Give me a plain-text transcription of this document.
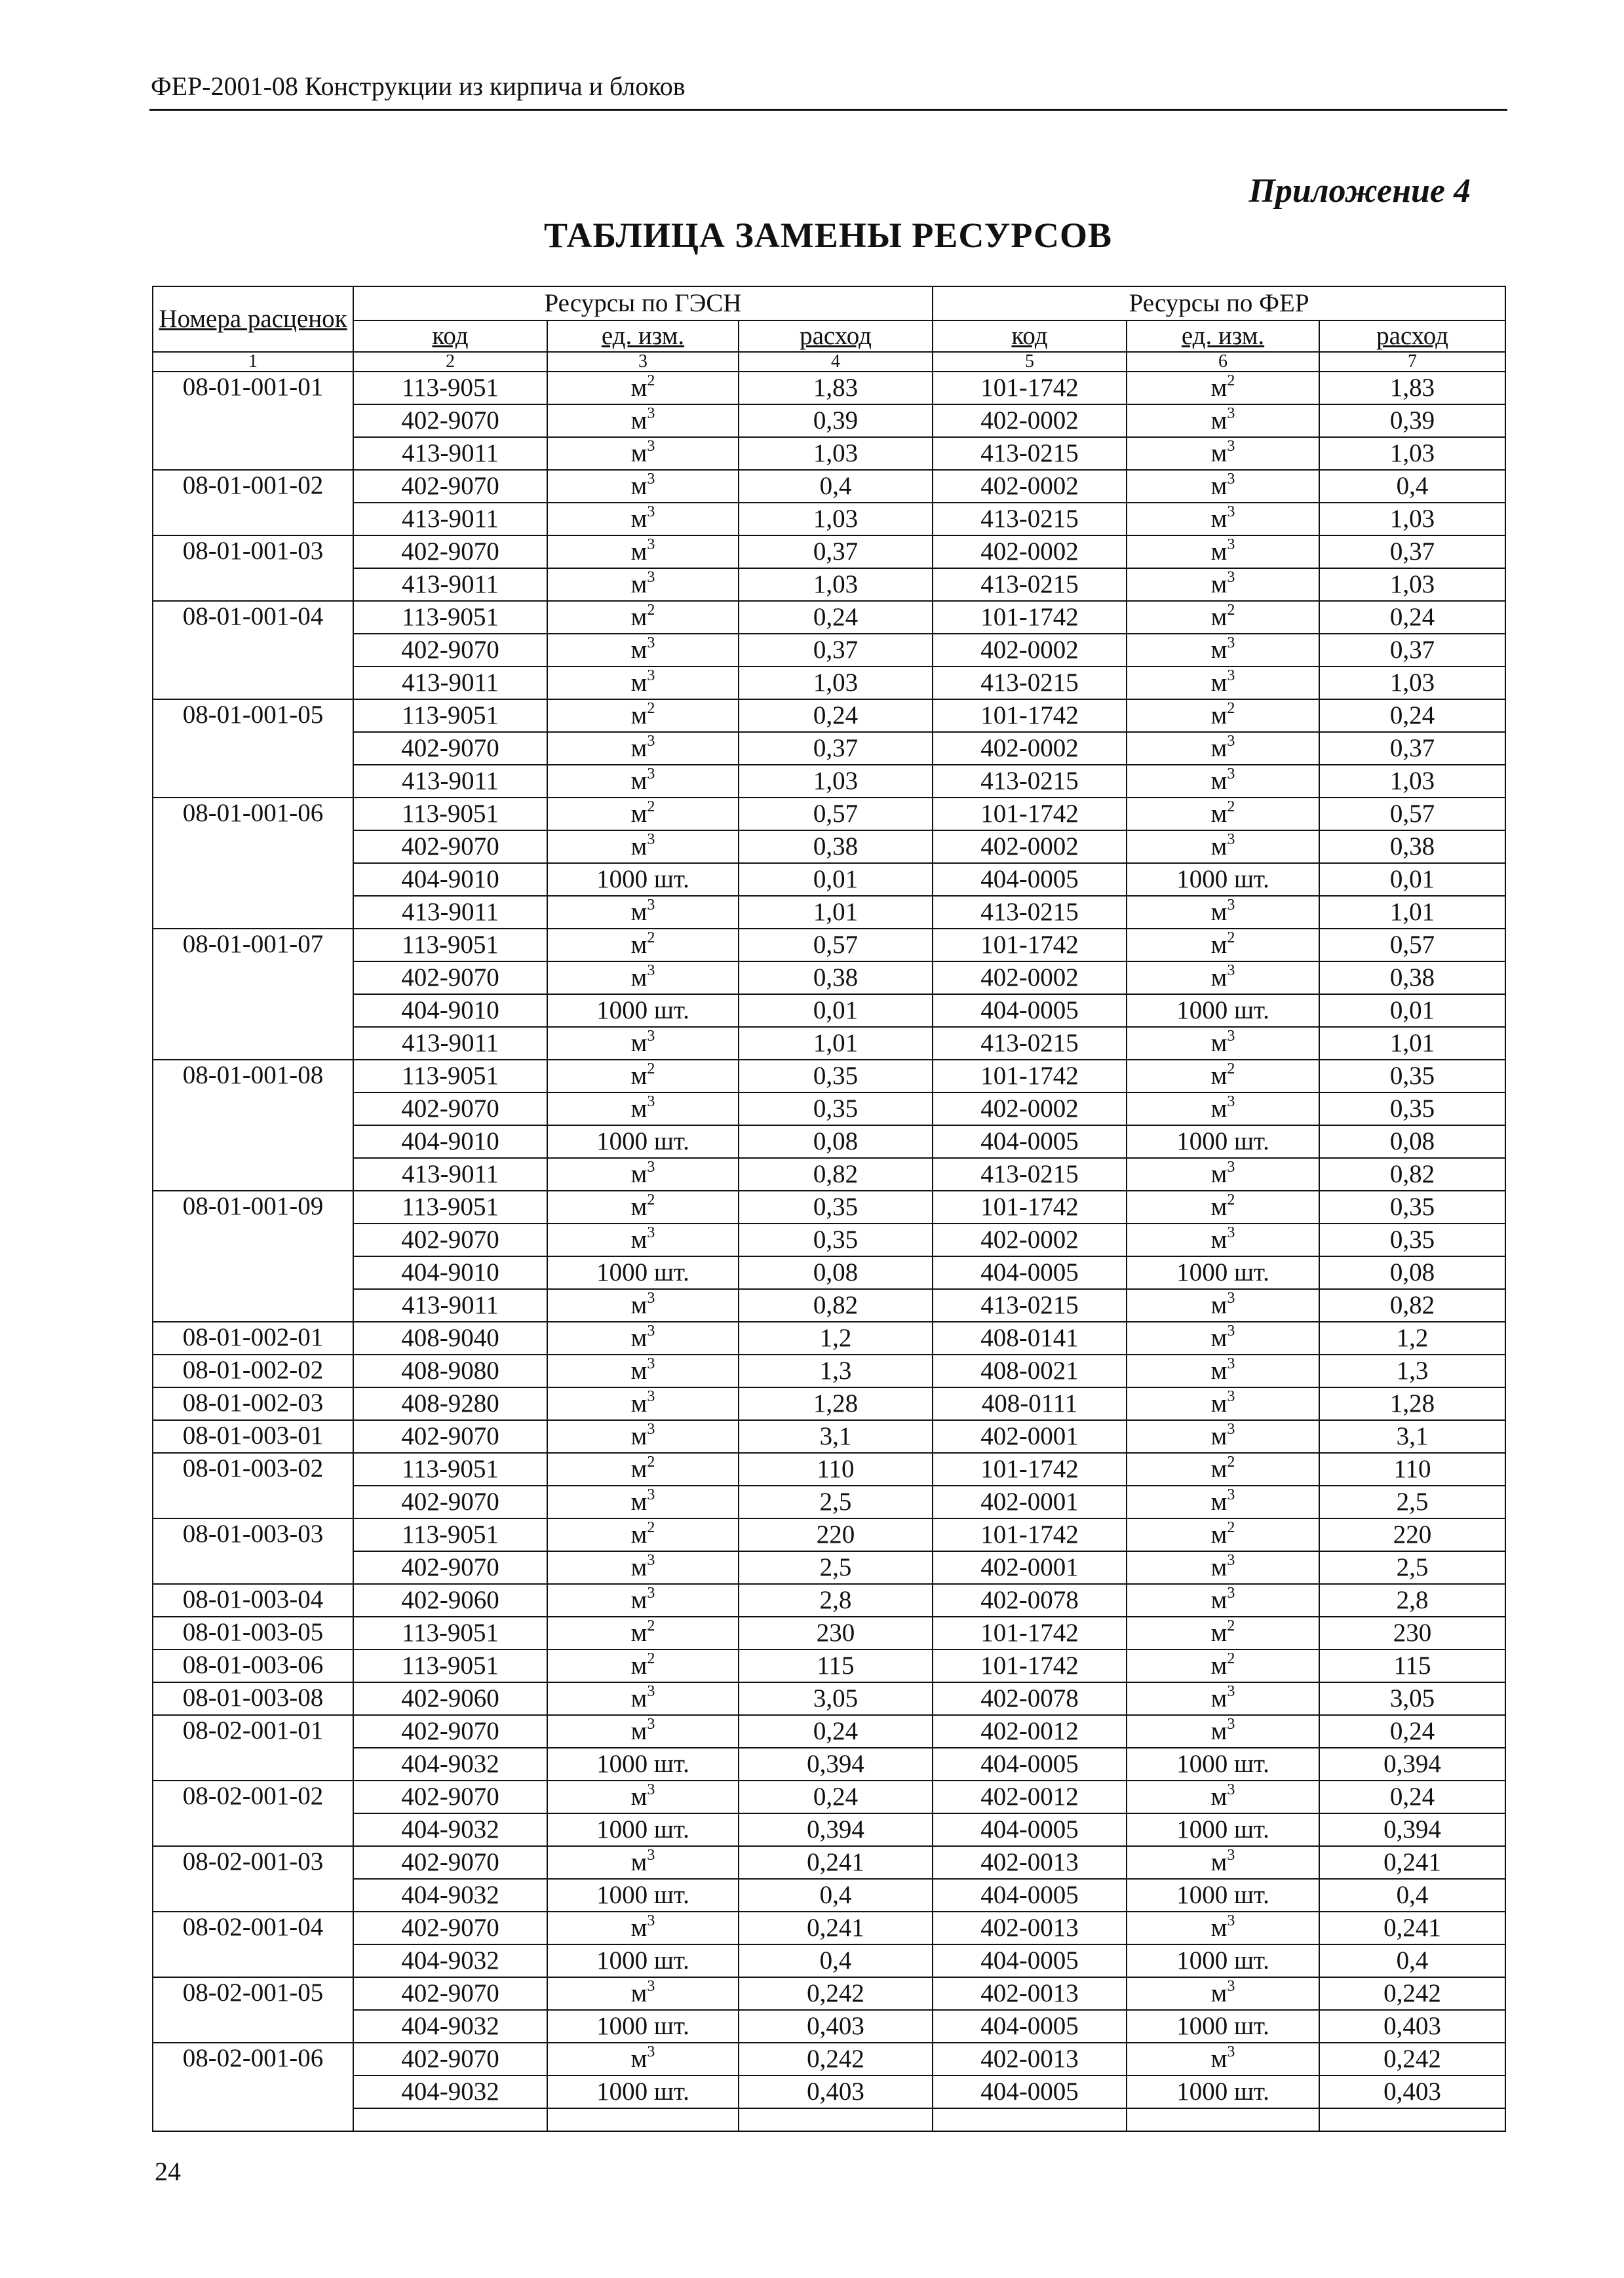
ФЕР-2001-08 Конструкции из кирпича и блоков
Приложение 4
ТАБЛИЦА ЗАМЕНЫ РЕСУРСОВ
Номера расценок	Ресурсы по ГЭСН			Ресурсы по ФЕР		
	код	ед. изм.	расход	код	ед. изм.	расход
1	2	3	4	5	6	7
08-01-001-01	113-9051	$м^2$	1,83	101-1742	$м^2$	1,83
	402-9070	$м^3$	0,39	402-0002	$м^3$	0,39
	413-9011	$м^3$	1,03	413-0215	$м^3$	1,03
08-01-001-02	402-9070	$м^3$	0,4	402-0002	$м^3$	0,4
	413-9011	$м^3$	1,03	413-0215	$м^3$	1,03
08-01-001-03	402-9070	$м^3$	0,37	402-0002	$м^3$	0,37
	413-9011	$м^3$	1,03	413-0215	$м^3$	1,03
08-01-001-04	113-9051	$м^2$	0,24	101-1742	$м^2$	0,24
	402-9070	$м^3$	0,37	402-0002	$м^3$	0,37
	413-9011	$м^3$	1,03	413-0215	$м^3$	1,03
08-01-001-05	113-9051	$м^2$	0,24	101-1742	$м^2$	0,24
	402-9070	$м^3$	0,37	402-0002	$м^3$	0,37
	413-9011	$м^3$	1,03	413-0215	$м^3$	1,03
08-01-001-06	113-9051	$м^2$	0,57	101-1742	$м^2$	0,57
	402-9070	$м^3$	0,38	402-0002	$м^3$	0,38
	404-9010	1000 шт.	0,01	404-0005	1000 шт.	0,01
	413-9011	$м^3$	1,01	413-0215	$м^3$	1,01
08-01-001-07	113-9051	$м^2$	0,57	101-1742	$м^2$	0,57
	402-9070	$м^3$	0,38	402-0002	$м^3$	0,38
	404-9010	1000 шт.	0,01	404-0005	1000 шт.	0,01
	413-9011	$м^3$	1,01	413-0215	$м^3$	1,01
08-01-001-08	113-9051	$м^2$	0,35	101-1742	$м^2$	0,35
	402-9070	$м^3$	0,35	402-0002	$м^3$	0,35
	404-9010	1000 шт.	0,08	404-0005	1000 шт.	0,08
	413-9011	$м^3$	0,82	413-0215	$м^3$	0,82
08-01-001-09	113-9051	$м^2$	0,35	101-1742	$м^2$	0,35
	402-9070	$м^3$	0,35	402-0002	$м^3$	0,35
	404-9010	1000 шт.	0,08	404-0005	1000 шт.	0,08
	413-9011	$м^3$	0,82	413-0215	$м^3$	0,82
08-01-002-01	408-9040	$м^3$	1,2	408-0141	$м^3$	1,2
08-01-002-02	408-9080	$м^3$	1,3	408-0021	$м^3$	1,3
08-01-002-03	408-9280	$м^3$	1,28	408-0111	$м^3$	1,28
08-01-003-01	402-9070	$м^3$	3,1	402-0001	$м^3$	3,1
08-01-003-02	113-9051	$м^2$	110	101-1742	$м^2$	110
	402-9070	$м^3$	2,5	402-0001	$м^3$	2,5
08-01-003-03	113-9051	$м^2$	220	101-1742	$м^2$	220
	402-9070	$м^3$	2,5	402-0001	$м^3$	2,5
08-01-003-04	402-9060	$м^3$	2,8	402-0078	$м^3$	2,8
08-01-003-05	113-9051	$м^2$	230	101-1742	$м^2$	230
08-01-003-06	113-9051	$м^2$	115	101-1742	$м^2$	115
08-01-003-08	402-9060	$м^3$	3,05	402-0078	$м^3$	3,05
08-02-001-01	402-9070	$м^3$	0,24	402-0012	$м^3$	0,24
	404-9032	1000 шт.	0,394	404-0005	1000 шт.	0,394
08-02-001-02	402-9070	$м^3$	0,24	402-0012	$м^3$	0,24
	404-9032	1000 шт.	0,394	404-0005	1000 шт.	0,394
08-02-001-03	402-9070	$м^3$	0,241	402-0013	$м^3$	0,241
	404-9032	1000 шт.	0,4	404-0005	1000 шт.	0,4
08-02-001-04	402-9070	$м^3$	0,241	402-0013	$м^3$	0,241
	404-9032	1000 шт.	0,4	404-0005	1000 шт.	0,4
08-02-001-05	402-9070	$м^3$	0,242	402-0013	$м^3$	0,242
	404-9032	1000 шт.	0,403	404-0005	1000 шт.	0,403
08-02-001-06	402-9070	$м^3$	0,242	402-0013	$м^3$	0,242
	404-9032	1000 шт.	0,403	404-0005	1000 шт.	0,403

24
